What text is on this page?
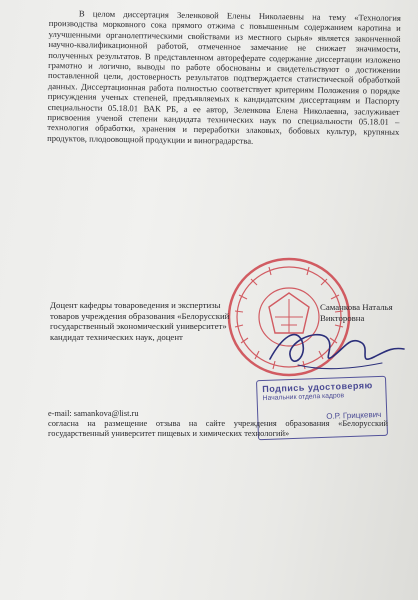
В целом диссертация Зеленковой Елены Николаевны на тему «Технология производства морковного сока прямого отжима с повышенным содержанием каротина и улучшенными органолептическими свойствами из местного сырья» является законченной научно-квалификационной работой, отмеченное замечание не снижает значимости, полученных результатов. В представленном автореферате содержание диссертации изложено грамотно и логично, выводы по работе обоснованы и свидетельствуют о достижении поставленной цели, достоверность результатов подтверждается статистической обработкой данных. Диссертационная работа полностью соответствует критериям Положения о порядке присуждения ученых степеней, предъявляемых к кандидатским диссертациям и Паспорту специальности 05.18.01 ВАК РБ, а ее автор, Зеленкова Елена Николаевна, заслуживает присвоения ученой степени кандидата технических наук по специальности 05.18.01 – технология обработки, хранения и переработки злаковых, бобовых культур, крупяных продуктов, плодоовощной продукции и виноградарства.
Доцент кафедры товароведения и экспертизы
товаров учреждения образования «Белорусский
государственный экономический университет»
кандидат технических наук, доцент
Саманкова Наталья
Викторовна
Подпись удостоверяю
Начальник отдела кадров
О.Р. Грицкевич
e-mail: samankova@list.ru
согласна на размещение отзыва на сайте учреждения образования «Белорусский государственный университет пищевых и химических технологий»
